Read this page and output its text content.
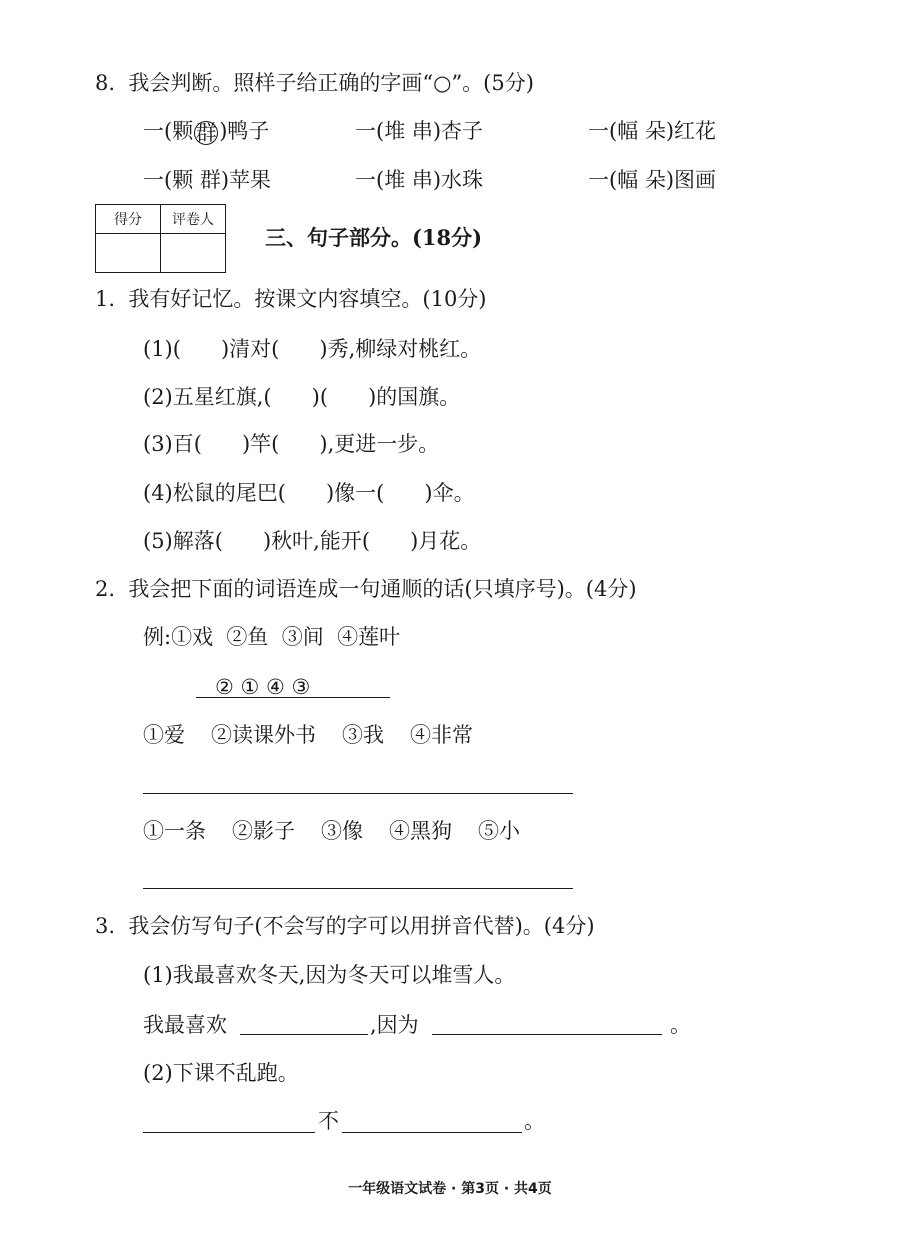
8.  我会判断。照样子给正确的字画“○”。(5分)
一(颗 群 )鸭子	一(堆 串)杏子	一(幅 朵)红花
一(颗 群)苹果	一(堆 串)水珠	一(幅 朵)图画
得分	评卷人

三、句子部分。(18分)
1.  我有好记忆。按课文内容填空。(10分)
(1)(      )清对(      )秀,柳绿对桃红。
(2)五星红旗,(      )(      )的国旗。
(3)百(      )竿(      ),更进一步。
(4)松鼠的尾巴(      )像一(      )伞。
(5)解落(      )秋叶,能开(      )月花。
2.  我会把下面的词语连成一句通顺的话(只填序号)。(4分)
例:①戏  ②鱼  ③间  ④莲叶
② ① ④ ③
①爱 ②读课外书 ③我 ④非常
①一条 ②影子 ③像 ④黑狗 ⑤小
3.  我会仿写句子(不会写的字可以用拼音代替)。(4分)
(1)我最喜欢冬天,因为冬天可以堆雪人。
我最喜欢	,因为	。
(2)下课不乱跑。
不	。
一年级语文试卷 · 第3页 · 共4页
